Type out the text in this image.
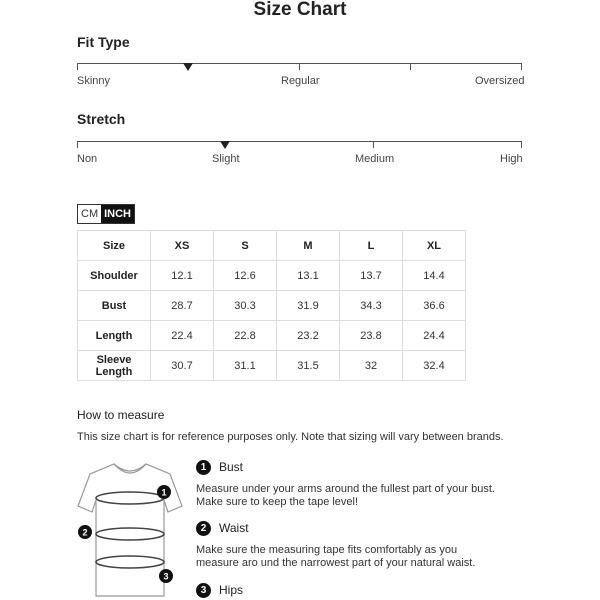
Size Chart
Fit Type
Skinny	Regular	Oversized
Stretch
Non	Slight	Medium	High
CM INCH
Size	XS	S	M	L	XL
Shoulder	12.1	12.6	13.1	13.7	14.4
Bust	28.7	30.3	31.9	34.3	36.6
Length	22.4	22.8	23.2	23.8	24.4
Sleeve Length	30.7	31.1	31.5	32	32.4
How to measure
This size chart is for reference purposes only. Note that sizing will vary between brands.
1
2
3
1	Bust
Measure under your arms around the fullest part of your bust. Make sure to keep the tape level!
2	Waist
Make sure the measuring tape fits comfortably as you measure aro und the narrowest part of your natural waist.
3	Hips
